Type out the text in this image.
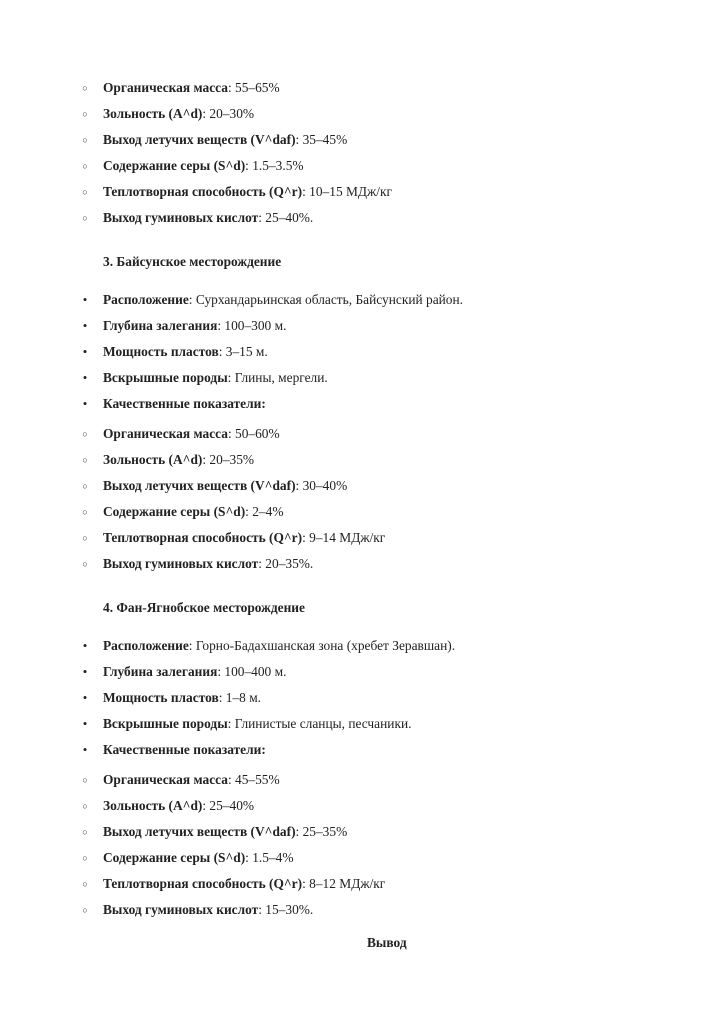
○ Органическая масса: 55–65%
○ Зольность (A^d): 20–30%
○ Выход летучих веществ (V^daf): 35–45%
○ Содержание серы (S^d): 1.5–3.5%
○ Теплотворная способность (Q^r): 10–15 МДж/кг
○ Выход гуминовых кислот: 25–40%.
3. Байсунское месторождение
• Расположение: Сурхандарьинская область, Байсунский район.
• Глубина залегания: 100–300 м.
• Мощность пластов: 3–15 м.
• Вскрышные породы: Глины, мергели.
• Качественные показатели:
○ Органическая масса: 50–60%
○ Зольность (A^d): 20–35%
○ Выход летучих веществ (V^daf): 30–40%
○ Содержание серы (S^d): 2–4%
○ Теплотворная способность (Q^r): 9–14 МДж/кг
○ Выход гуминовых кислот: 20–35%.
4. Фан-Ягнобское месторождение
• Расположение: Горно-Бадахшанская зона (хребет Зеравшан).
• Глубина залегания: 100–400 м.
• Мощность пластов: 1–8 м.
• Вскрышные породы: Глинистые сланцы, песчаники.
• Качественные показатели:
○ Органическая масса: 45–55%
○ Зольность (A^d): 25–40%
○ Выход летучих веществ (V^daf): 25–35%
○ Содержание серы (S^d): 1.5–4%
○ Теплотворная способность (Q^r): 8–12 МДж/кг
○ Выход гуминовых кислот: 15–30%.
Вывод
